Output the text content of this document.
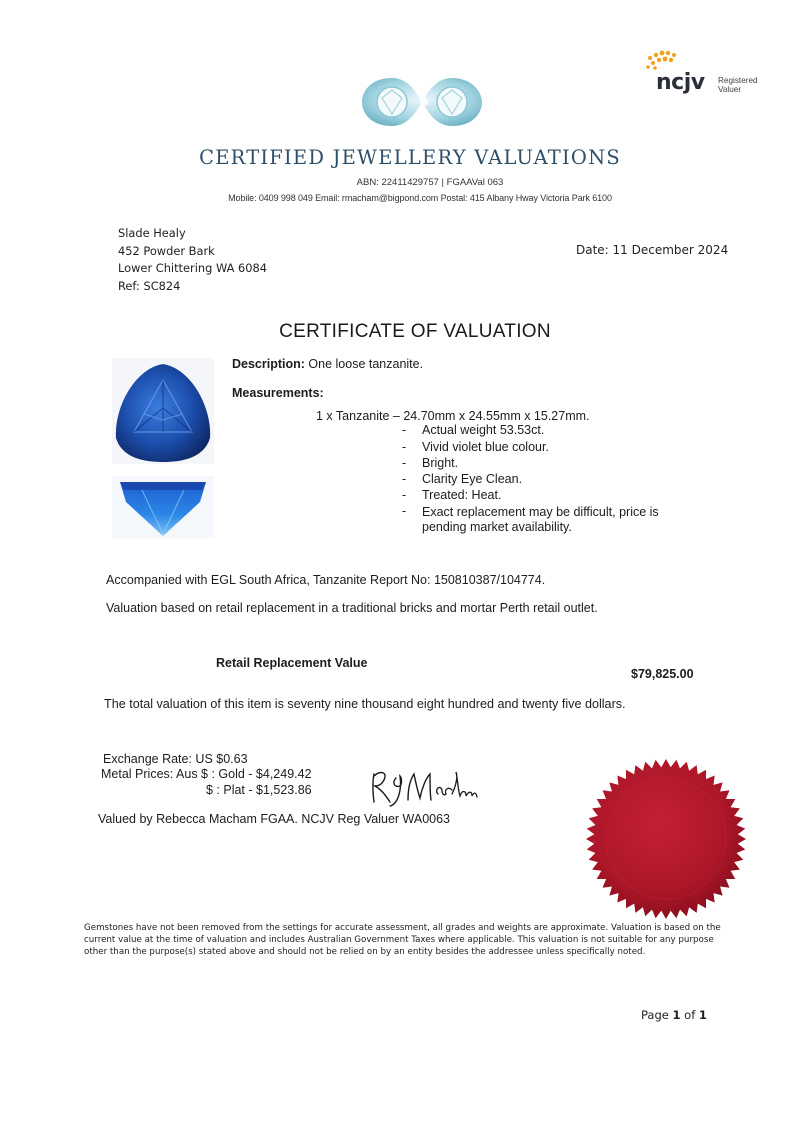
CERTIFIED JEWELLERY VALUATIONS
ABN: 22411429757 | FGAAVal 063
Mobile: 0409 998 049 Email: rmacham@bigpond.com Postal: 415 Albany Hway Victoria Park 6100
ncjv Registered
Valuer
Slade Healy
452 Powder Bark
Lower Chittering WA 6084
Ref: SC824
Date: 11 December 2024
CERTIFICATE OF VALUATION
Description: One loose tanzanite.
Measurements:
1 x Tanzanite – 24.70mm x 24.55mm x 15.27mm.
- Actual weight 53.53ct.
- Vivid violet blue colour.
- Bright.
- Clarity Eye Clean.
- Treated: Heat.
- Exact replacement may be difficult, price is
pending market availability.
Accompanied with EGL South Africa, Tanzanite Report No: 150810387/104774.
Valuation based on retail replacement in a traditional bricks and mortar Perth retail outlet.
Retail Replacement Value
$79,825.00
The total valuation of this item is seventy nine thousand eight hundred and twenty five dollars.
Exchange Rate: US $0.63
Metal Prices: Aus $ : Gold - $4,249.42
$ : Plat - $1,523.86
Valued by Rebecca Macham FGAA. NCJV Reg Valuer WA0063
Gemstones have not been removed from the settings for accurate assessment, all grades and weights are approximate. Valuation is based on the current value at the time of valuation and includes Australian Government Taxes where applicable. This valuation is not suitable for any purpose other than the purpose(s) stated above and should not be relied on by an entity besides the addressee unless specifically noted.
Page 1 of 1
